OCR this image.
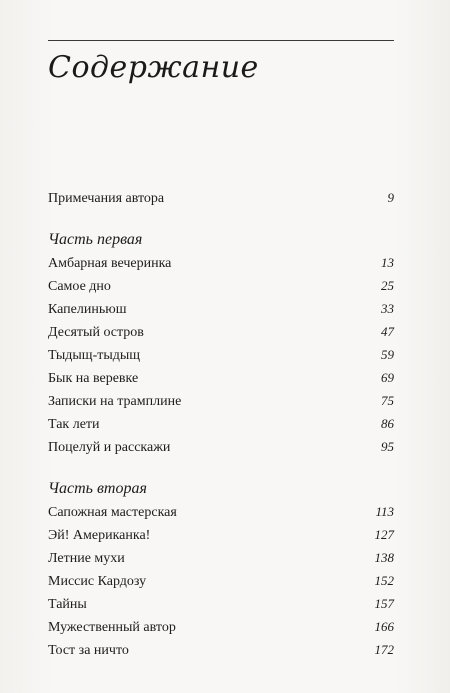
Содержание
Примечания автора	9
Часть первая
Амбарная вечеринка	13
Самое дно	25
Капелиньюш	33
Десятый остров	47
Тыдыщ-тыдыщ	59
Бык на веревке	69
Записки на трамплине	75
Так лети	86
Поцелуй и расскажи	95
Часть вторая
Сапожная мастерская	113
Эй! Американка!	127
Летние мухи	138
Миссис Кардозу	152
Тайны	157
Мужественный автор	166
Тост за ничто	172
